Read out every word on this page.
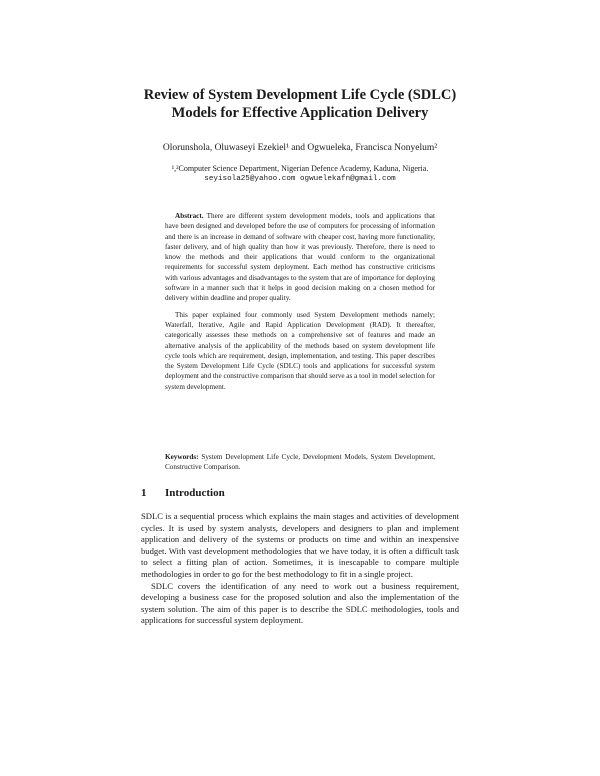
Review of System Development Life Cycle (SDLC)
Models for Effective Application Delivery
Olorunshola, Oluwaseyi Ezekiel¹ and Ogwueleka, Francisca Nonyelum²
¹,²Computer Science Department, Nigerian Defence Academy, Kaduna, Nigeria.
seyisola25@yahoo.com ogwuelekafn@gmail.com

Abstract. There are different system development models, tools and applications that have been designed and developed before the use of computers for processing of information and there is an increase in demand of software with cheaper cost, having more functionality, faster delivery, and of high quality than how it was previously. Therefore, there is need to know the methods and their applications that would conform to the organizational requirements for successful system deployment. Each method has constructive criticisms with various advantages and disadvantages to the system that are of importance for deploying software in a manner such that it helps in good decision making on a chosen method for delivery within deadline and proper quality.

This paper explained four commonly used System Development methods namely; Waterfall, Iterative, Agile and Rapid Application Development (RAD). It thereafter, categorically assesses these methods on a comprehensive set of features and made an alternative analysis of the applicability of the methods based on system development life cycle tools which are requirement, design, implementation, and testing. This paper describes the System Development Life Cycle (SDLC) tools and applications for successful system deployment and the constructive comparison that should serve as a tool in model selection for system development.

Keywords: System Development Life Cycle, Development Models, System Development, Constructive Comparison.
1 Introduction

SDLC is a sequential process which explains the main stages and activities of development cycles. It is used by system analysts, developers and designers to plan and implement application and delivery of the systems or products on time and within an inexpensive budget. With vast development methodologies that we have today, it is often a difficult task to select a fitting plan of action. Sometimes, it is inescapable to compare multiple methodologies in order to go for the best methodology to fit in a single project.

SDLC covers the identification of any need to work out a business requirement, developing a business case for the proposed solution and also the implementation of the system solution. The aim of this paper is to describe the SDLC methodologies, tools and applications for successful system deployment.
